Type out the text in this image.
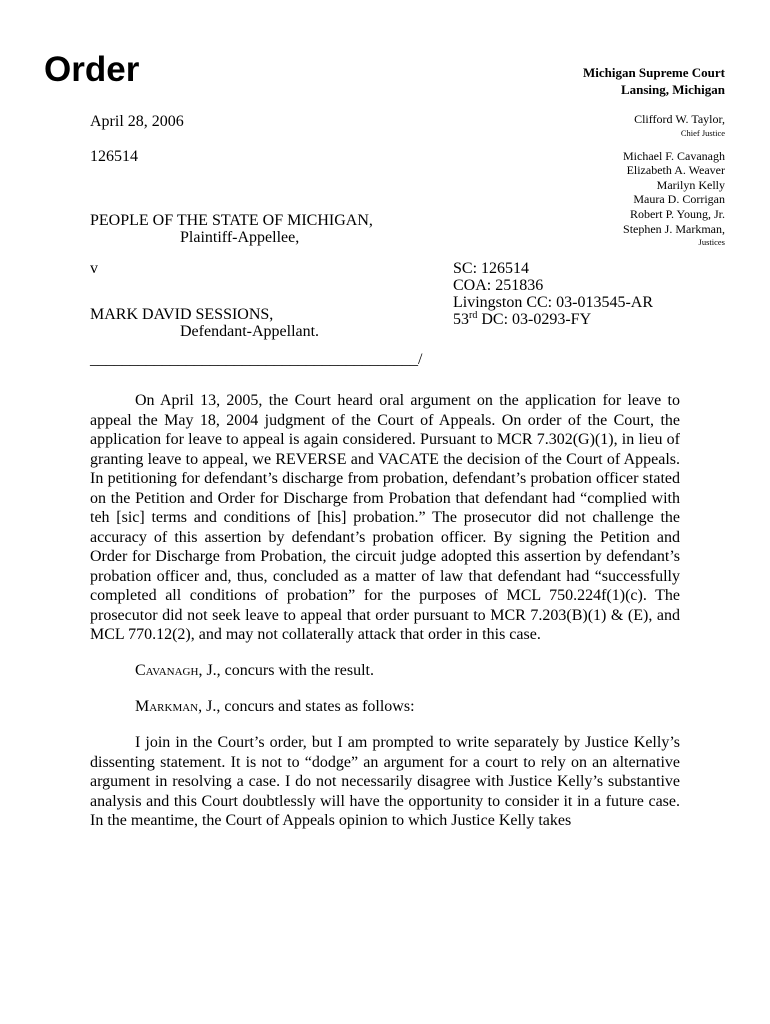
Order	Michigan Supreme Court
Lansing, Michigan
Clifford W. Taylor,
Chief Justice
Michael F. Cavanagh
Elizabeth A. Weaver
Marilyn Kelly
Maura D. Corrigan
Robert P. Young, Jr.
Stephen J. Markman,
Justices
April 28, 2006
126514
PEOPLE OF THE STATE OF MICHIGAN,
Plaintiff-Appellee,
v
MARK DAVID SESSIONS,
Defendant-Appellant.
SC: 126514
COA: 251836
Livingston CC: 03-013545-AR
53rd DC: 03-0293-FY
_________________________________________/

On April 13, 2005, the Court heard oral argument on the application for leave to appeal the May 18, 2004 judgment of the Court of Appeals. On order of the Court, the application for leave to appeal is again considered. Pursuant to MCR 7.302(G)(1), in lieu of granting leave to appeal, we REVERSE and VACATE the decision of the Court of Appeals. In petitioning for defendant’s discharge from probation, defendant’s probation officer stated on the Petition and Order for Discharge from Probation that defendant had “complied with teh [sic] terms and conditions of [his] probation.” The prosecutor did not challenge the accuracy of this assertion by defendant’s probation officer. By signing the Petition and Order for Discharge from Probation, the circuit judge adopted this assertion by defendant’s probation officer and, thus, concluded as a matter of law that defendant had “successfully completed all conditions of probation” for the purposes of MCL 750.224f(1)(c). The prosecutor did not seek leave to appeal that order pursuant to MCR 7.203(B)(1) & (E), and MCL 770.12(2), and may not collaterally attack that order in this case.

Cavanagh, J., concurs with the result.

Markman, J., concurs and states as follows:

I join in the Court’s order, but I am prompted to write separately by Justice Kelly’s dissenting statement. It is not to “dodge” an argument for a court to rely on an alternative argument in resolving a case. I do not necessarily disagree with Justice Kelly’s substantive analysis and this Court doubtlessly will have the opportunity to consider it in a future case. In the meantime, the Court of Appeals opinion to which Justice Kelly takes
